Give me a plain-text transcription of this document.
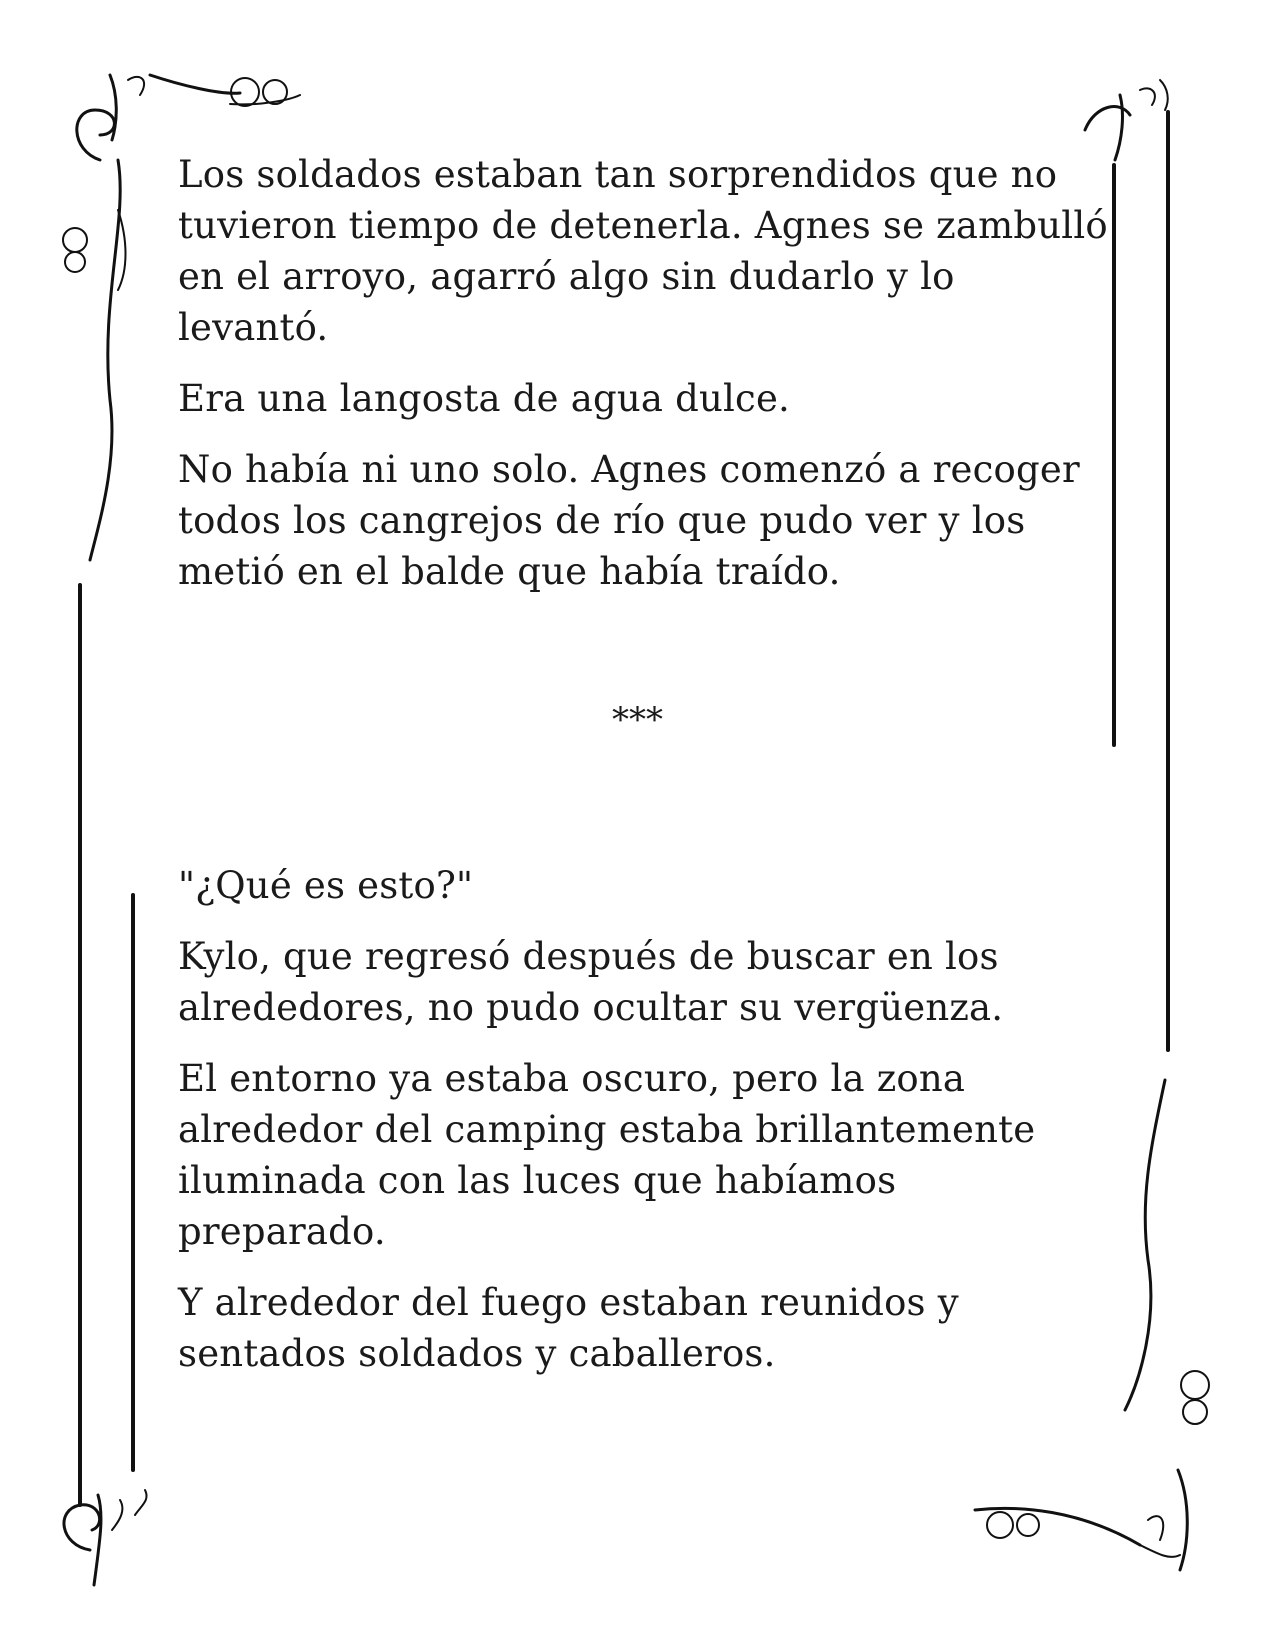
Los soldados estaban tan sorprendidos que no tuvieron tiempo de detenerla. Agnes se zambulló en el arroyo, agarró algo sin dudarlo y lo levantó.

Era una langosta de agua dulce.

No había ni uno solo. Agnes comenzó a recoger todos los cangrejos de río que pudo ver y los metió en el balde que había traído.

***

"¿Qué es esto?"

Kylo, que regresó después de buscar en los alrededores, no pudo ocultar su vergüenza.

El entorno ya estaba oscuro, pero la zona alrededor del camping estaba brillantemente iluminada con las luces que habíamos preparado.

Y alrededor del fuego estaban reunidos y sentados soldados y caballeros.
